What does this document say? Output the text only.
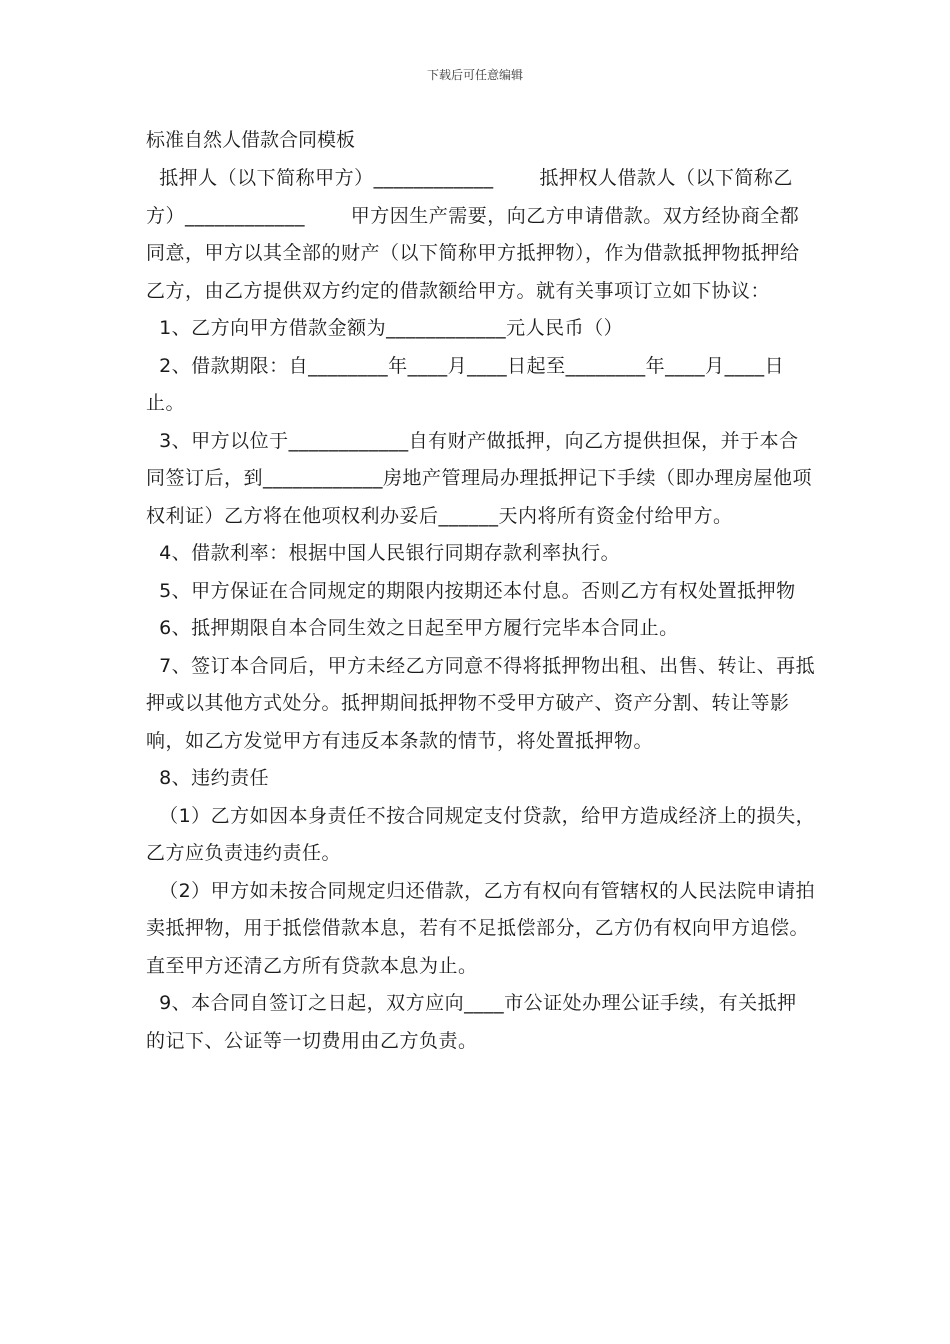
下载后可任意编辑
标准自然人借款合同模板

抵押人（以下简称甲方）____________       抵押权人借款人（以下简称乙方）____________       甲方因生产需要，向乙方申请借款。双方经协商全都同意，甲方以其全部的财产（以下简称甲方抵押物），作为借款抵押物抵押给乙方，由乙方提供双方约定的借款额给甲方。就有关事项订立如下协议：

1、乙方向甲方借款金额为____________元人民币（）

2、借款期限：自________年____月____日起至________年____月____日止。

3、甲方以位于____________自有财产做抵押，向乙方提供担保，并于本合同签订后，到____________房地产管理局办理抵押记下手续（即办理房屋他项权利证）乙方将在他项权利办妥后______天内将所有资金付给甲方。

4、借款利率：根据中国人民银行同期存款利率执行。

5、甲方保证在合同规定的期限内按期还本付息。否则乙方有权处置抵押物

6、抵押期限自本合同生效之日起至甲方履行完毕本合同止。

7、签订本合同后，甲方未经乙方同意不得将抵押物出租、出售、转让、再抵押或以其他方式处分。抵押期间抵押物不受甲方破产、资产分割、转让等影响，如乙方发觉甲方有违反本条款的情节，将处置抵押物。

8、违约责任

（1）乙方如因本身责任不按合同规定支付贷款，给甲方造成经济上的损失，乙方应负责违约责任。

（2）甲方如未按合同规定归还借款，乙方有权向有管辖权的人民法院申请拍卖抵押物，用于抵偿借款本息，若有不足抵偿部分，乙方仍有权向甲方追偿。直至甲方还清乙方所有贷款本息为止。

9、本合同自签订之日起，双方应向____市公证处办理公证手续，有关抵押的记下、公证等一切费用由乙方负责。
